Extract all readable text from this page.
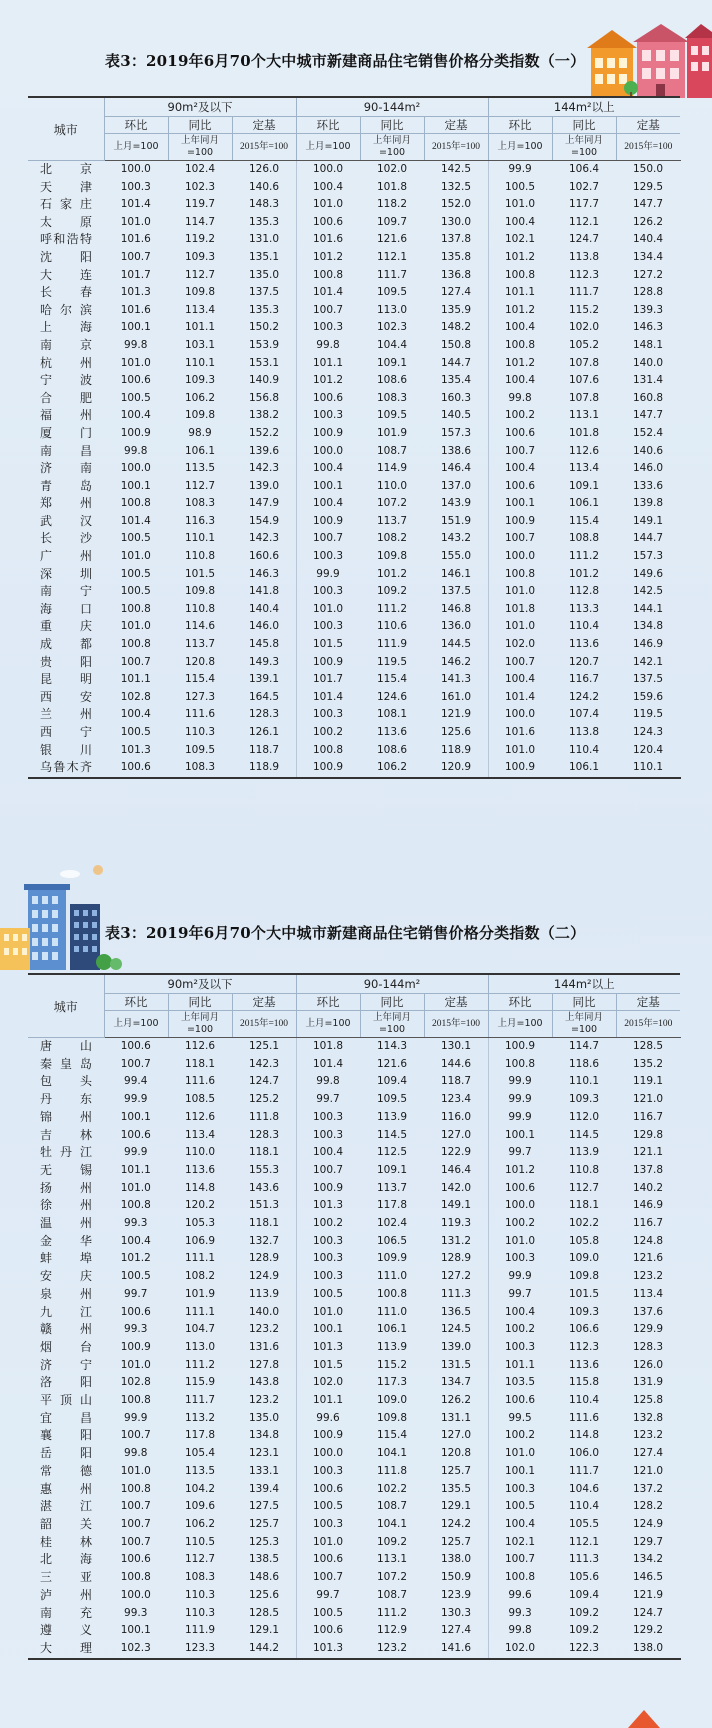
表3：2019年6月70个大中城市新建商品住宅销售价格分类指数（一）
城市	90m²及以下			90-144m²			144m²以上		
	环比	同比	定基	环比	同比	定基	环比	同比	定基
	上月=100	上年同月=100	2015年=100	上月=100	上年同月=100	2015年=100	上月=100	上年同月=100	2015年=100
北京	100.0	102.4	126.0	100.0	102.0	142.5	99.9	106.4	150.0
天津	100.3	102.3	140.6	100.4	101.8	132.5	100.5	102.7	129.5
石家庄	101.4	119.7	148.3	101.0	118.2	152.0	101.0	117.7	147.7
太原	101.0	114.7	135.3	100.6	109.7	130.0	100.4	112.1	126.2
呼和浩特	101.6	119.2	131.0	101.6	121.6	137.8	102.1	124.7	140.4
沈阳	100.7	109.3	135.1	101.2	112.1	135.8	101.2	113.8	134.4
大连	101.7	112.7	135.0	100.8	111.7	136.8	100.8	112.3	127.2
长春	101.3	109.8	137.5	101.4	109.5	127.4	101.1	111.7	128.8
哈尔滨	101.6	113.4	135.3	100.7	113.0	135.9	101.2	115.2	139.3
上海	100.1	101.1	150.2	100.3	102.3	148.2	100.4	102.0	146.3
南京	99.8	103.1	153.9	99.8	104.4	150.8	100.8	105.2	148.1
杭州	101.0	110.1	153.1	101.1	109.1	144.7	101.2	107.8	140.0
宁波	100.6	109.3	140.9	101.2	108.6	135.4	100.4	107.6	131.4
合肥	100.5	106.2	156.8	100.6	108.3	160.3	99.8	107.8	160.8
福州	100.4	109.8	138.2	100.3	109.5	140.5	100.2	113.1	147.7
厦门	100.9	98.9	152.2	100.9	101.9	157.3	100.6	101.8	152.4
南昌	99.8	106.1	139.6	100.0	108.7	138.6	100.7	112.6	140.6
济南	100.0	113.5	142.3	100.4	114.9	146.4	100.4	113.4	146.0
青岛	100.1	112.7	139.0	100.1	110.0	137.0	100.6	109.1	133.6
郑州	100.8	108.3	147.9	100.4	107.2	143.9	100.1	106.1	139.8
武汉	101.4	116.3	154.9	100.9	113.7	151.9	100.9	115.4	149.1
长沙	100.5	110.1	142.3	100.7	108.2	143.2	100.7	108.8	144.7
广州	101.0	110.8	160.6	100.3	109.8	155.0	100.0	111.2	157.3
深圳	100.5	101.5	146.3	99.9	101.2	146.1	100.8	101.2	149.6
南宁	100.5	109.8	141.8	100.3	109.2	137.5	101.0	112.8	142.5
海口	100.8	110.8	140.4	101.0	111.2	146.8	101.8	113.3	144.1
重庆	101.0	114.6	146.0	100.3	110.6	136.0	101.0	110.4	134.8
成都	100.8	113.7	145.8	101.5	111.9	144.5	102.0	113.6	146.9
贵阳	100.7	120.8	149.3	100.9	119.5	146.2	100.7	120.7	142.1
昆明	101.1	115.4	139.1	101.7	115.4	141.3	100.4	116.7	137.5
西安	102.8	127.3	164.5	101.4	124.6	161.0	101.4	124.2	159.6
兰州	100.4	111.6	128.3	100.3	108.1	121.9	100.0	107.4	119.5
西宁	100.5	110.3	126.1	100.2	113.6	125.6	101.6	113.8	124.3
银川	101.3	109.5	118.7	100.8	108.6	118.9	101.0	110.4	120.4
乌鲁木齐	100.6	108.3	118.9	100.9	106.2	120.9	100.9	106.1	110.1
表3：2019年6月70个大中城市新建商品住宅销售价格分类指数（二）
城市	90m²及以下			90-144m²			144m²以上		
	环比	同比	定基	环比	同比	定基	环比	同比	定基
	上月=100	上年同月=100	2015年=100	上月=100	上年同月=100	2015年=100	上月=100	上年同月=100	2015年=100
唐山	100.6	112.6	125.1	101.8	114.3	130.1	100.9	114.7	128.5
秦皇岛	100.7	118.1	142.3	101.4	121.6	144.6	100.8	118.6	135.2
包头	99.4	111.6	124.7	99.8	109.4	118.7	99.9	110.1	119.1
丹东	99.9	108.5	125.2	99.7	109.5	123.4	99.9	109.3	121.0
锦州	100.1	112.6	111.8	100.3	113.9	116.0	99.9	112.0	116.7
吉林	100.6	113.4	128.3	100.3	114.5	127.0	100.1	114.5	129.8
牡丹江	99.9	110.0	118.1	100.4	112.5	122.9	99.7	113.9	121.1
无锡	101.1	113.6	155.3	100.7	109.1	146.4	101.2	110.8	137.8
扬州	101.0	114.8	143.6	100.9	113.7	142.0	100.6	112.7	140.2
徐州	100.8	120.2	151.3	101.3	117.8	149.1	100.0	118.1	146.9
温州	99.3	105.3	118.1	100.2	102.4	119.3	100.2	102.2	116.7
金华	100.4	106.9	132.7	100.3	106.5	131.2	101.0	105.8	124.8
蚌埠	101.2	111.1	128.9	100.3	109.9	128.9	100.3	109.0	121.6
安庆	100.5	108.2	124.9	100.3	111.0	127.2	99.9	109.8	123.2
泉州	99.7	101.9	113.9	100.5	100.8	111.3	99.7	101.5	113.4
九江	100.6	111.1	140.0	101.0	111.0	136.5	100.4	109.3	137.6
赣州	99.3	104.7	123.2	100.1	106.1	124.5	100.2	106.6	129.9
烟台	100.9	113.0	131.6	101.3	113.9	139.0	100.3	112.3	128.3
济宁	101.0	111.2	127.8	101.5	115.2	131.5	101.1	113.6	126.0
洛阳	102.8	115.9	143.8	102.0	117.3	134.7	103.5	115.8	131.9
平顶山	100.8	111.7	123.2	101.1	109.0	126.2	100.6	110.4	125.8
宜昌	99.9	113.2	135.0	99.6	109.8	131.1	99.5	111.6	132.8
襄阳	100.7	117.8	134.8	100.9	115.4	127.0	100.2	114.8	123.2
岳阳	99.8	105.4	123.1	100.0	104.1	120.8	101.0	106.0	127.4
常德	101.0	113.5	133.1	100.3	111.8	125.7	100.1	111.7	121.0
惠州	100.8	104.2	139.4	100.6	102.2	135.5	100.3	104.6	137.2
湛江	100.7	109.6	127.5	100.5	108.7	129.1	100.5	110.4	128.2
韶关	100.7	106.2	125.7	100.3	104.1	124.2	100.4	105.5	124.9
桂林	100.7	110.5	125.3	101.0	109.2	125.7	102.1	112.1	129.7
北海	100.6	112.7	138.5	100.6	113.1	138.0	100.7	111.3	134.2
三亚	100.8	108.3	148.6	100.7	107.2	150.9	100.8	105.6	146.5
泸州	100.0	110.3	125.6	99.7	108.7	123.9	99.6	109.4	121.9
南充	99.3	110.3	128.5	100.5	111.2	130.3	99.3	109.2	124.7
遵义	100.1	111.9	129.1	100.6	112.9	127.4	99.8	109.2	129.2
大理	102.3	123.3	144.2	101.3	123.2	141.6	102.0	122.3	138.0
